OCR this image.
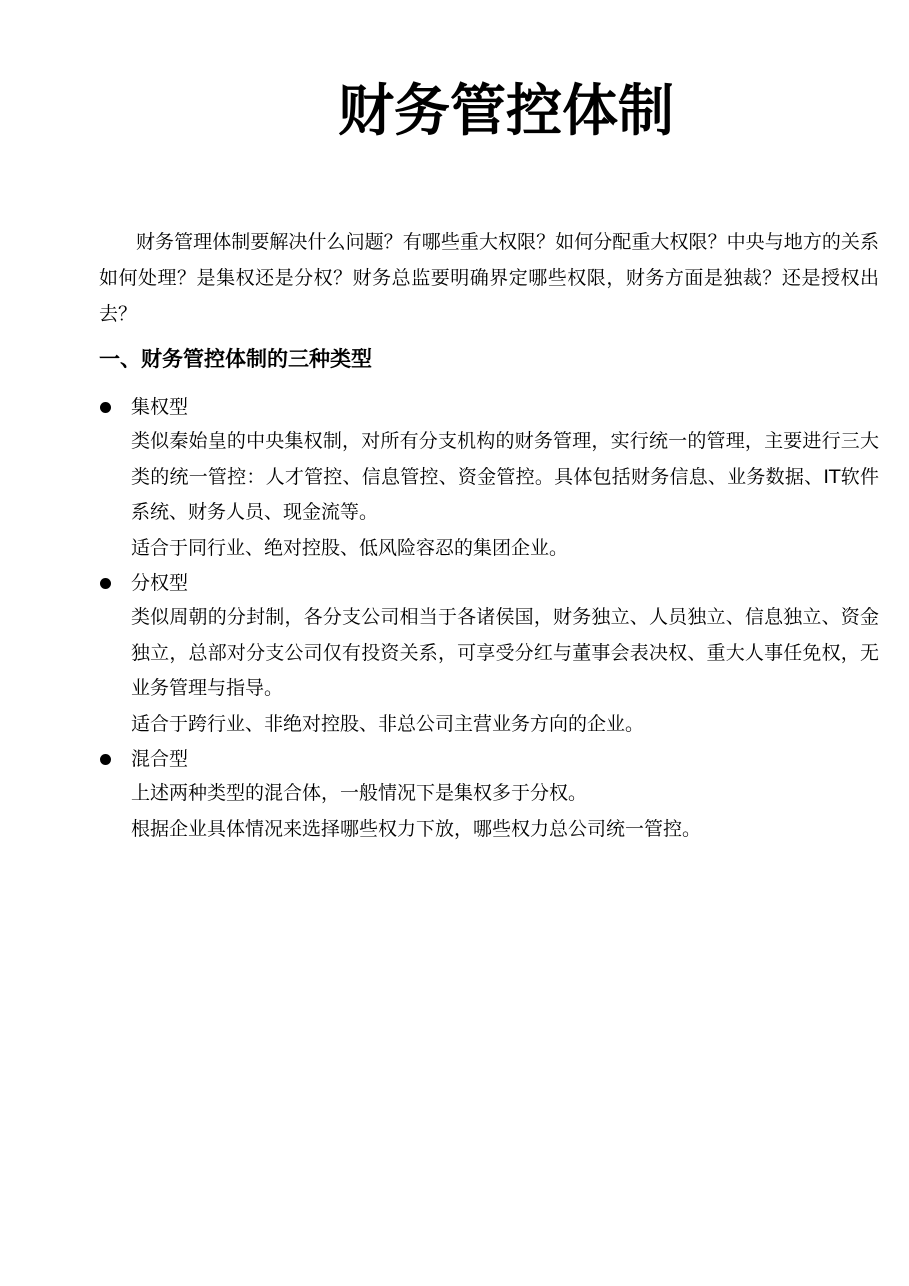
财务管控体制

财务管理体制要解决什么问题？有哪些重大权限？如何分配重大权限？中央与地方的关系如何处理？是集权还是分权？财务总监要明确界定哪些权限，财务方面是独裁？还是授权出去？

一、财务管控体制的三种类型
集权型

类似秦始皇的中央集权制，对所有分支机构的财务管理，实行统一的管理，主要进行三大类的统一管控：人才管控、信息管控、资金管控。具体包括财务信息、业务数据、IT软件系统、财务人员、现金流等。

适合于同行业、绝对控股、低风险容忍的集团企业。

分权型

类似周朝的分封制，各分支公司相当于各诸侯国，财务独立、人员独立、信息独立、资金独立，总部对分支公司仅有投资关系，可享受分红与董事会表决权、重大人事任免权，无业务管理与指导。

适合于跨行业、非绝对控股、非总公司主营业务方向的企业。

混合型

上述两种类型的混合体，一般情况下是集权多于分权。

根据企业具体情况来选择哪些权力下放，哪些权力总公司统一管控。
